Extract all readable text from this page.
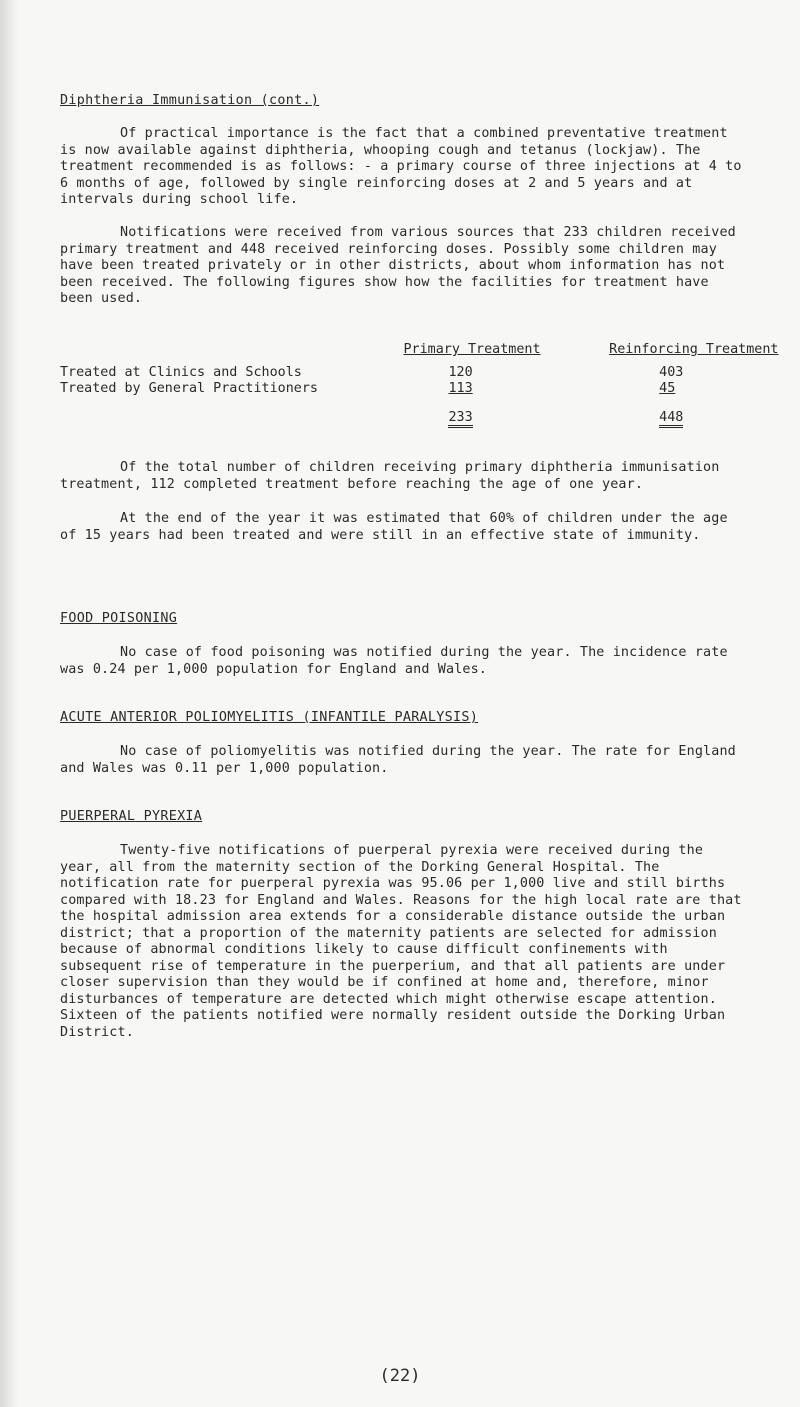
Diphtheria Immunisation (cont.)
Of practical importance is the fact that a combined preventative treatment is now available against diphtheria, whooping cough and tetanus (lockjaw). The treatment recommended is as follows: - a primary course of three injections at 4 to 6 months of age, followed by single reinforcing doses at 2 and 5 years and at intervals during school life.
Notifications were received from various sources that 233 children received primary treatment and 448 received reinforcing doses. Possibly some children may have been treated privately or in other districts, about whom information has not been received. The following figures show how the facilities for treatment have been used.
	Primary Treatment	Reinforcing Treatment

Treated at Clinics and Schools	120	403
Treated by General Practitioners	113	45
	233	448
Of the total number of children receiving primary diphtheria immunisation treatment, 112 completed treatment before reaching the age of one year.
At the end of the year it was estimated that 60% of children under the age of 15 years had been treated and were still in an effective state of immunity.
FOOD POISONING
No case of food poisoning was notified during the year. The incidence rate was 0.24 per 1,000 population for England and Wales.
ACUTE ANTERIOR POLIOMYELITIS (INFANTILE PARALYSIS)
No case of poliomyelitis was notified during the year. The rate for England and Wales was 0.11 per 1,000 population.
PUERPERAL PYREXIA
Twenty-five notifications of puerperal pyrexia were received during the year, all from the maternity section of the Dorking General Hospital. The notification rate for puerperal pyrexia was 95.06 per 1,000 live and still births compared with 18.23 for England and Wales. Reasons for the high local rate are that the hospital admission area extends for a considerable distance outside the urban district; that a proportion of the maternity patients are selected for admission because of abnormal conditions likely to cause difficult confinements with subsequent rise of temperature in the puerperium, and that all patients are under closer supervision than they would be if confined at home and, therefore, minor disturbances of temperature are detected which might otherwise escape attention. Sixteen of the patients notified were normally resident outside the Dorking Urban District.
(22)
